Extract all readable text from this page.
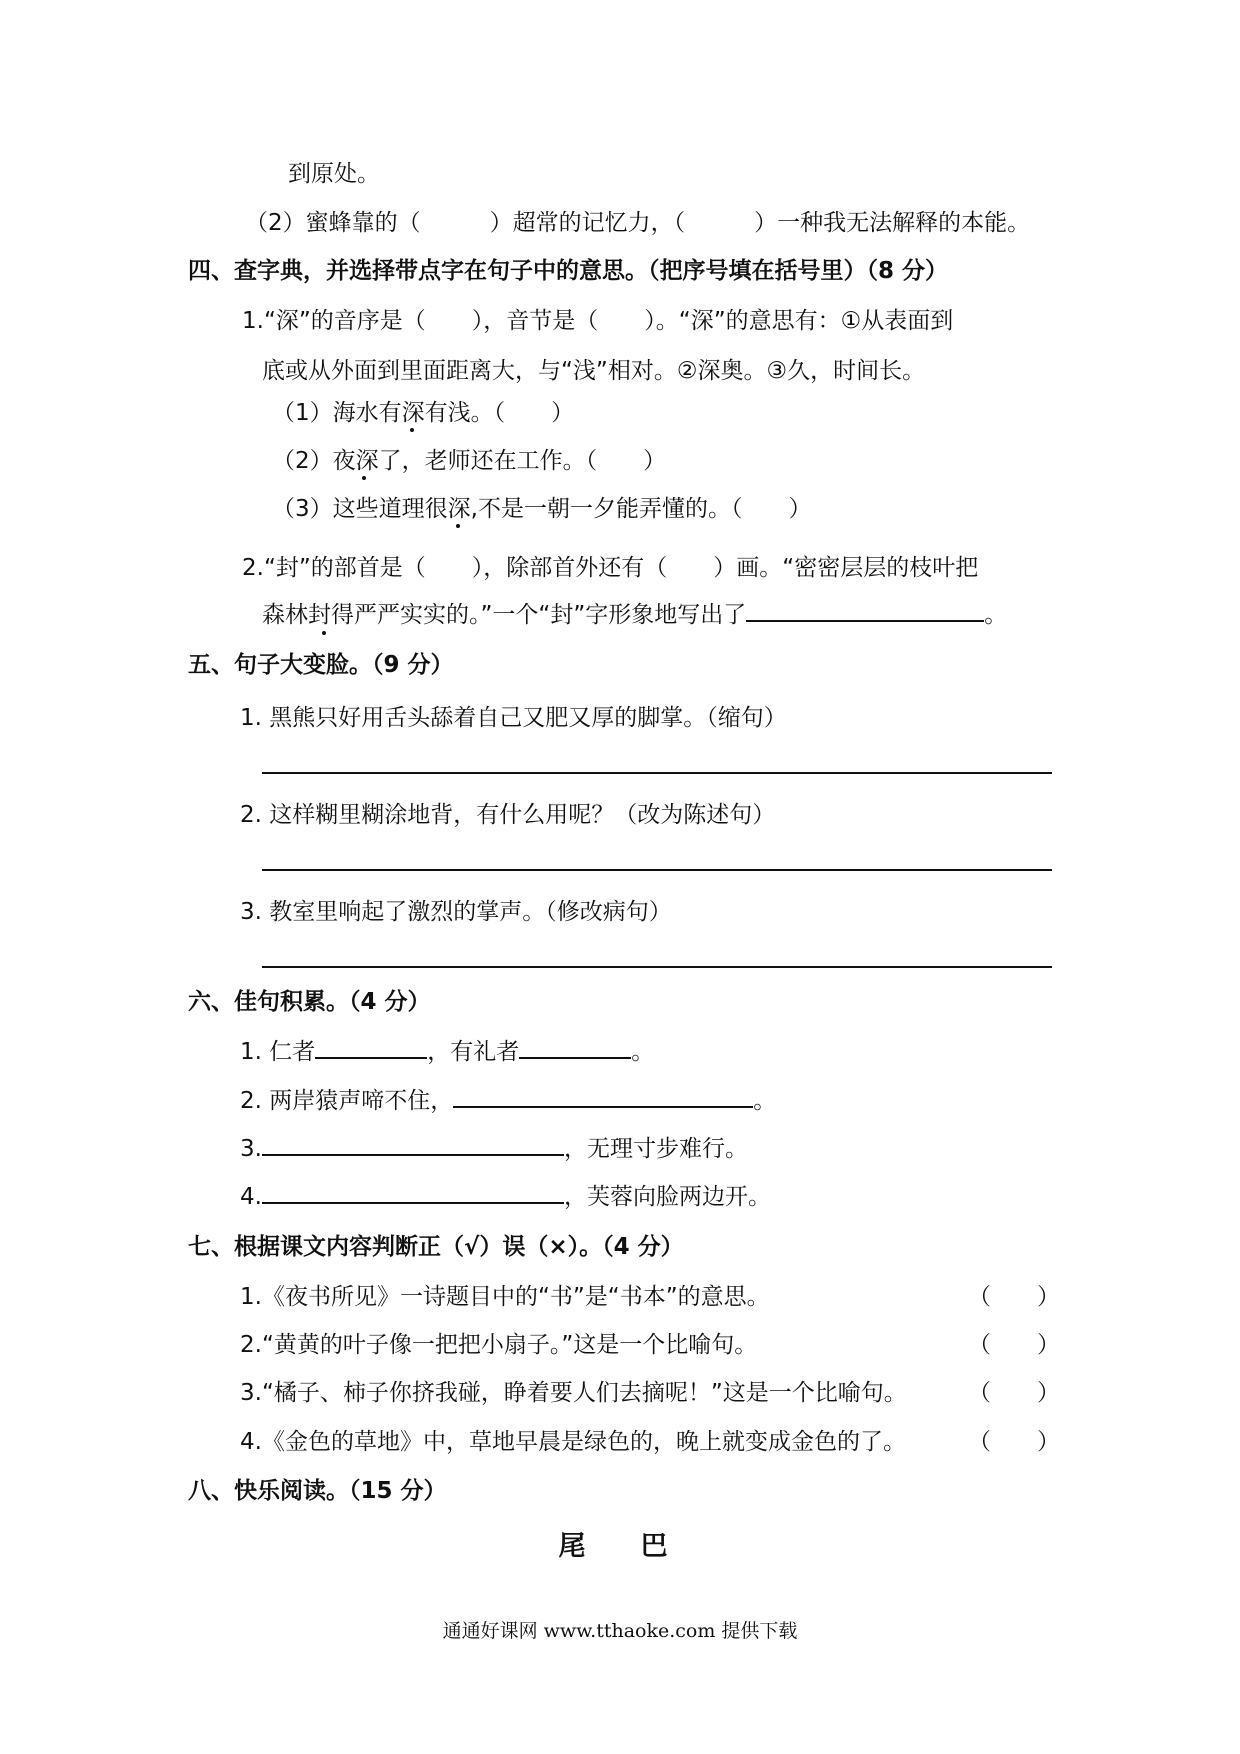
到原处。
（2）蜜蜂靠的（　　　）超常的记忆力，（　　　）一种我无法解释的本能。
四、查字典，并选择带点字在句子中的意思。（把序号填在括号里）（8 分）
1.“深”的音序是（　　），音节是（　　）。“深”的意思有：①从表面到
底或从外面到里面距离大，与“浅”相对。②深奥。③久，时间长。
（1）海水有深有浅。（　　）
（2）夜深了，老师还在工作。（　　）
（3）这些道理很深,不是一朝一夕能弄懂的。（　　）
2.“封”的部首是（　　），除部首外还有（　　）画。“密密层层的枝叶把
森林封得严严实实的。”一个“封”字形象地写出了	。
五、句子大变脸。（9 分）
1. 黑熊只好用舌头舔着自己又肥又厚的脚掌。（缩句）
2. 这样糊里糊涂地背，有什么用呢？（改为陈述句）
3. 教室里响起了激烈的掌声。（修改病句）
六、佳句积累。（4 分）
1. 仁者	，有礼者	。
2. 两岸猿声啼不住，	。
3.	，无理寸步难行。
4.	，芙蓉向脸两边开。
七、根据课文内容判断正（√）误（×）。（4 分）
1.《夜书所见》一诗题目中的“书”是“书本”的意思。	（　　）
2.“黄黄的叶子像一把把小扇子。”这是一个比喻句。	（　　）
3.“橘子、柿子你挤我碰，睁着要人们去摘呢！”这是一个比喻句。	（　　）
4.《金色的草地》中，草地早晨是绿色的，晚上就变成金色的了。	（　　）
八、快乐阅读。（15 分）
尾　巴
通通好课网 www.tthaoke.com 提供下载
